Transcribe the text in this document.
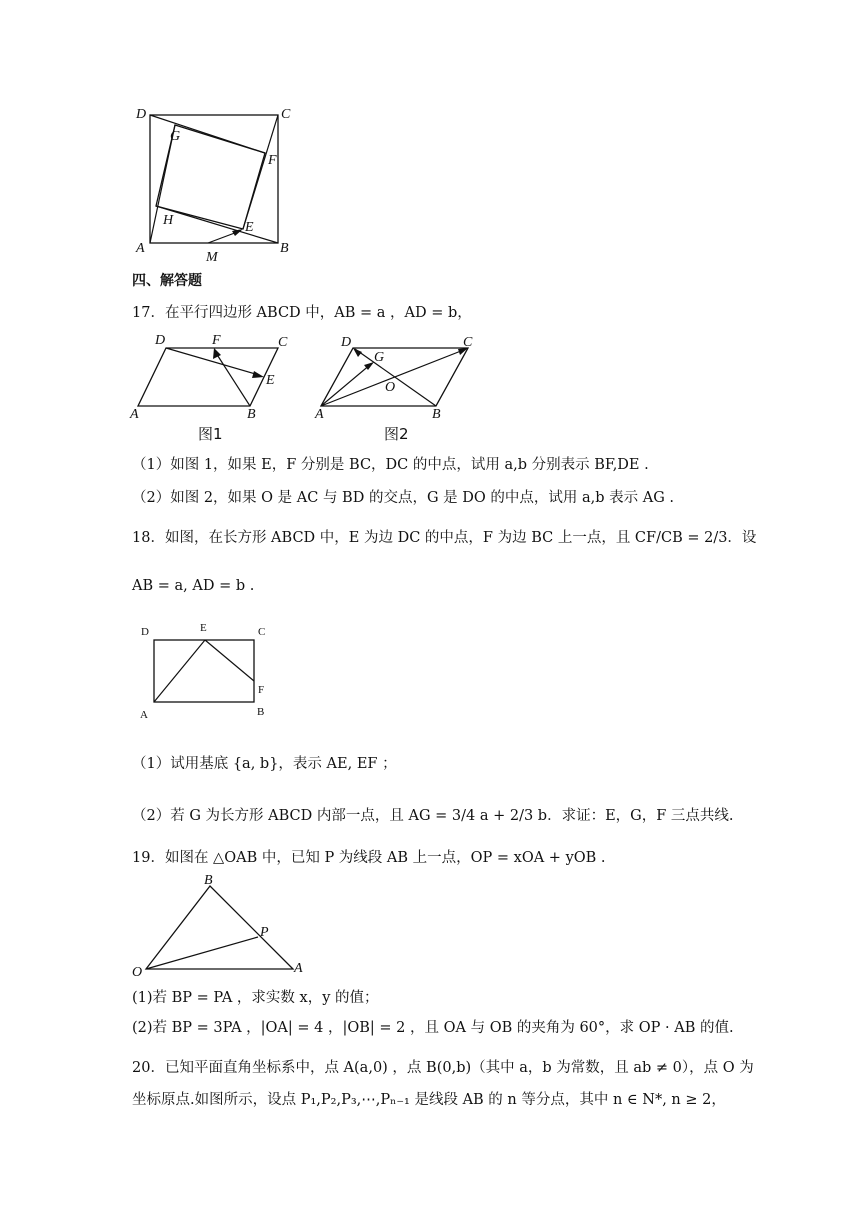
D	C
G
F
H	E
A
M
B
四、解答题
17．在平行四边形 ABCD 中，AB = a ，AD = b，
D	F	C
E
A	B
图1
D
G
C
O
A	B
图2
（1）如图 1，如果 E，F 分别是 BC，DC 的中点，试用 a,b 分别表示 BF,DE .
（2）如图 2，如果 O 是 AC 与 BD 的交点，G 是 DO 的中点，试用 a,b 表示 AG .
18．如图，在长方形 ABCD 中，E 为边 DC 的中点，F 为边 BC 上一点，且 CF/CB = 2/3．设
AB = a, AD = b .
D	E	C
F
A	B
（1）试用基底 {a, b}，表示 AE, EF ；
（2）若 G 为长方形 ABCD 内部一点，且 AG = 3/4 a + 2/3 b．求证：E，G，F 三点共线.
19．如图在 △OAB 中，已知 P 为线段 AB 上一点，OP = xOA + yOB .
B
P
O	A
(1)若 BP = PA ，求实数 x，y 的值；
(2)若 BP = 3PA ，|OA| = 4 ，|OB| = 2 ，且 OA 与 OB 的夹角为 60°，求 OP · AB 的值.
20．已知平面直角坐标系中，点 A(a,0) ，点 B(0,b)（其中 a，b 为常数，且 ab ≠ 0），点 O 为
坐标原点.如图所示，设点 P₁,P₂,P₃,⋯,Pₙ₋₁ 是线段 AB 的 n 等分点，其中 n ∈ N*, n ≥ 2，
